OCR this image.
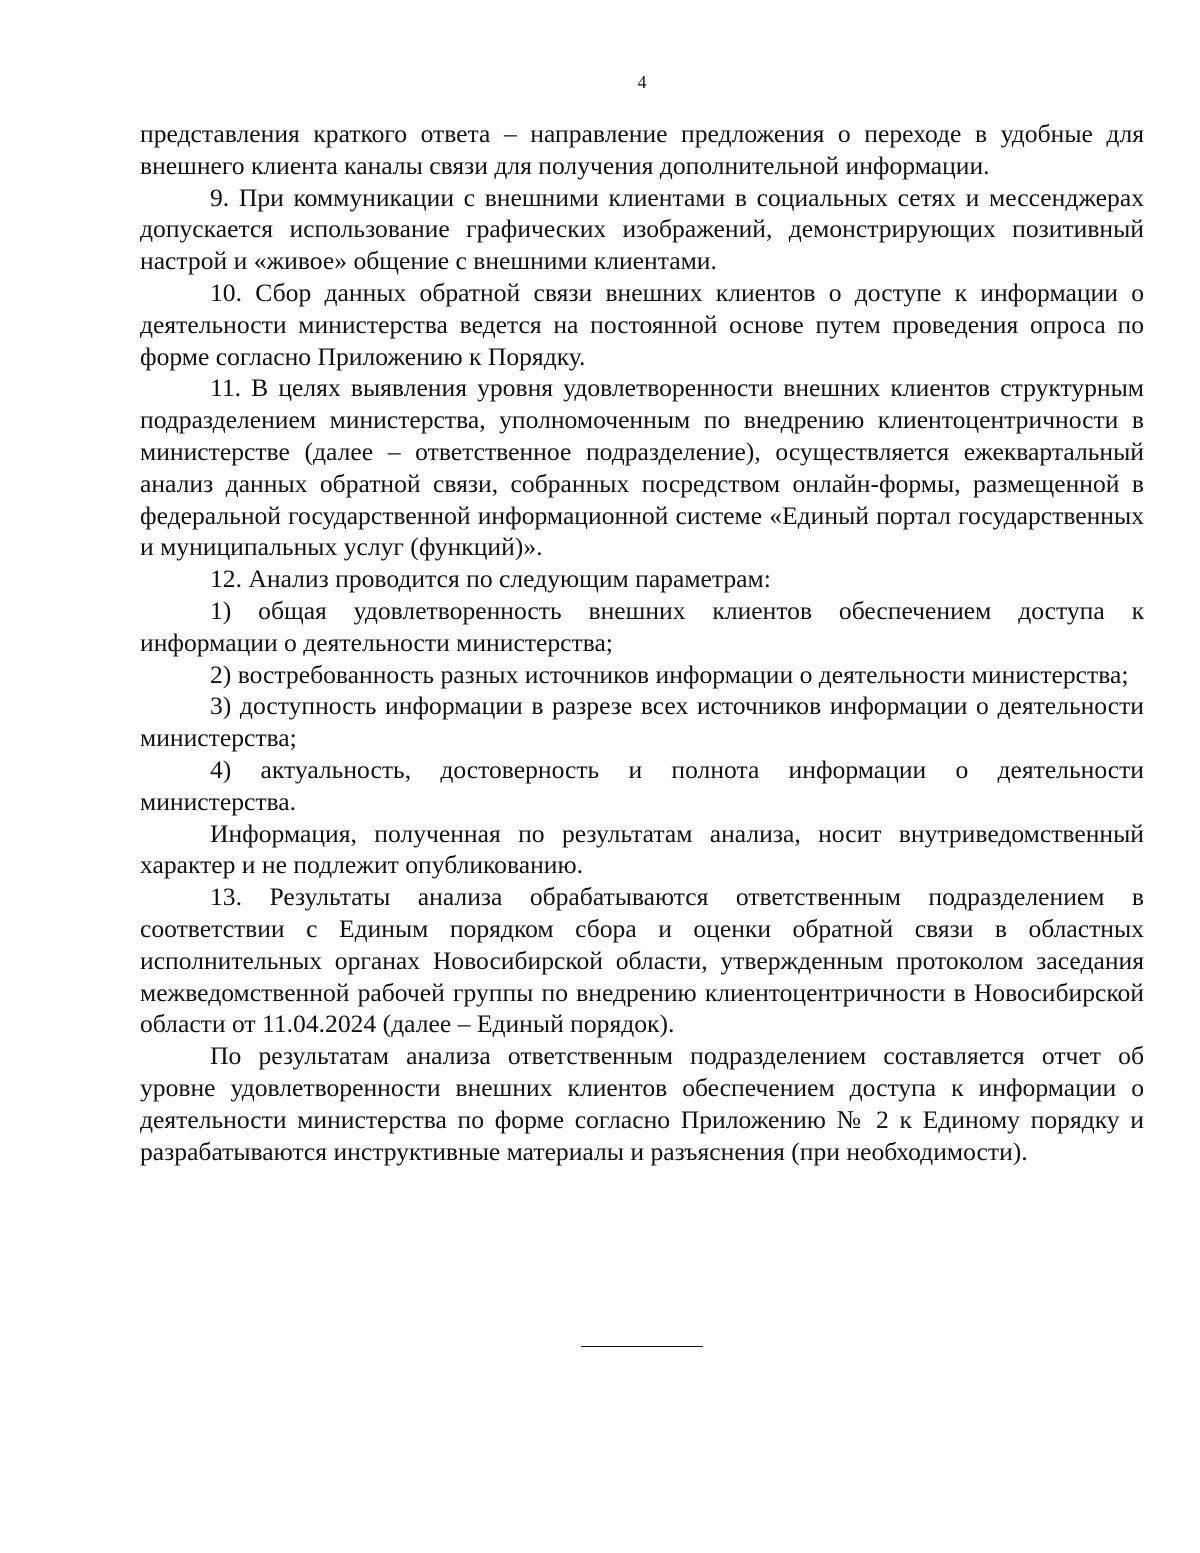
4

представления краткого ответа – направление предложения о переходе в удобные для внешнего клиента каналы связи для получения дополнительной информации.

9. При коммуникации с внешними клиентами в социальных сетях и мессенджерах допускается использование графических изображений, демонстрирующих позитивный настрой и «живое» общение с внешними клиентами.

10. Сбор данных обратной связи внешних клиентов о доступе к информации о деятельности министерства ведется на постоянной основе путем проведения опроса по форме согласно Приложению к Порядку.

11. В целях выявления уровня удовлетворенности внешних клиентов структурным подразделением министерства, уполномоченным по внедрению клиентоцентричности в министерстве (далее – ответственное подразделение), осуществляется ежеквартальный анализ данных обратной связи, собранных посредством онлайн-формы, размещенной в федеральной государственной информационной системе «Единый портал государственных и муниципальных услуг (функций)».

12. Анализ проводится по следующим параметрам:

1) общая удовлетворенность внешних клиентов обеспечением доступа к информации о деятельности министерства;

2) востребованность разных источников информации о деятельности министерства;

3) доступность информации в разрезе всех источников информации о деятельности министерства;

4) актуальность, достоверность и полнота информации о деятельности министерства.

Информация, полученная по результатам анализа, носит внутриведомственный характер и не подлежит опубликованию.

13. Результаты анализа обрабатываются ответственным подразделением в соответствии с Единым порядком сбора и оценки обратной связи в областных исполнительных органах Новосибирской области, утвержденным протоколом заседания межведомственной рабочей группы по внедрению клиентоцентричности в Новосибирской области от 11.04.2024 (далее – Единый порядок).

По результатам анализа ответственным подразделением составляется отчет об уровне удовлетворенности внешних клиентов обеспечением доступа к информации о деятельности министерства по форме согласно Приложению № 2 к Единому порядку и разрабатываются инструктивные материалы и разъяснения (при необходимости).
